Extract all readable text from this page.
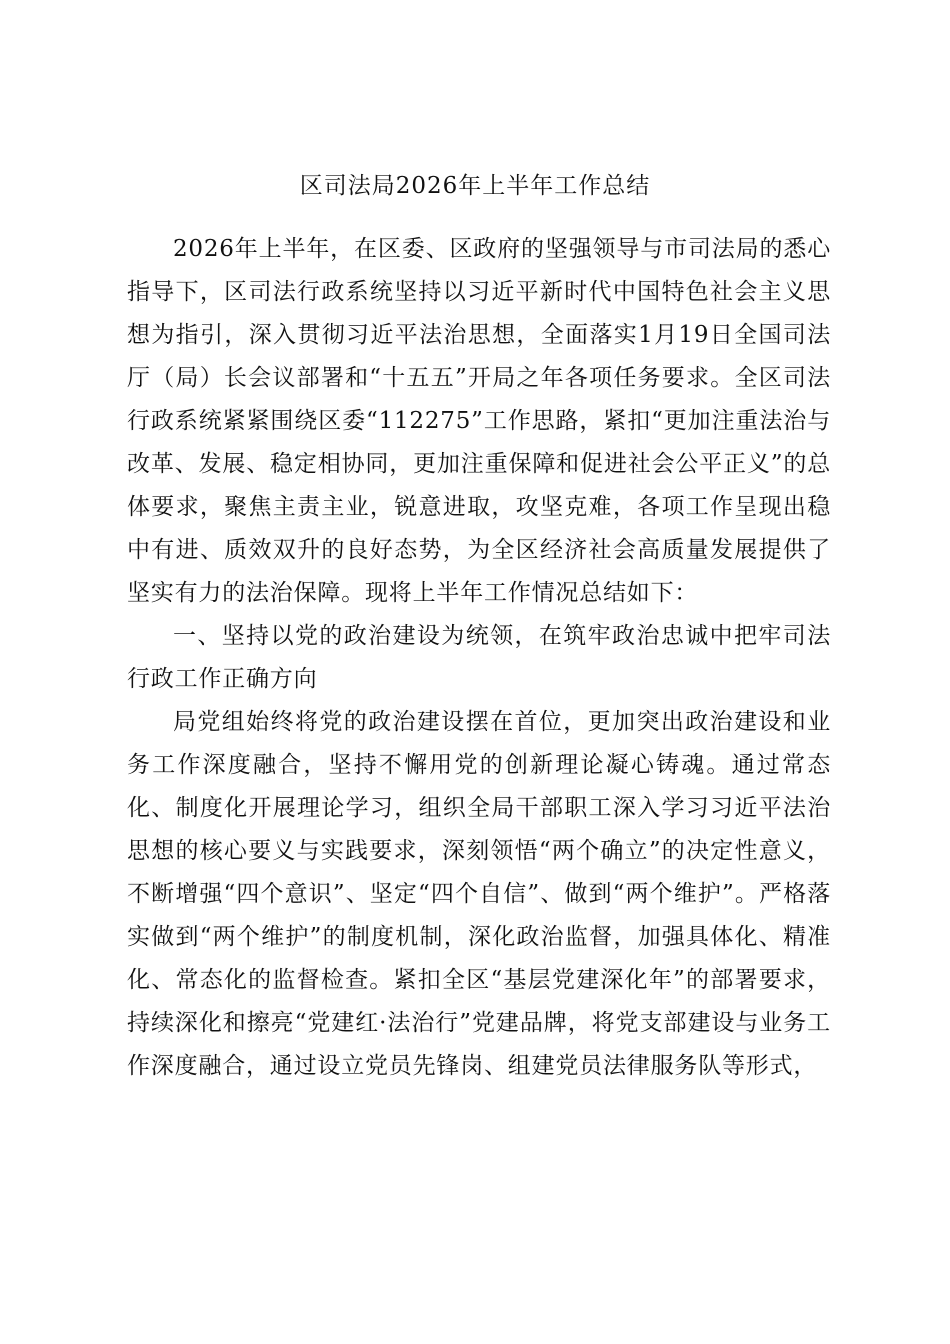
区司法局2026年上半年工作总结

2026年上半年，在区委、区政府的坚强领导与市司法局的悉心指导下，区司法行政系统坚持以习近平新时代中国特色社会主义思想为指引，深入贯彻习近平法治思想，全面落实1月19日全国司法厅（局）长会议部署和“十五五”开局之年各项任务要求。全区司法行政系统紧紧围绕区委“112275”工作思路，紧扣“更加注重法治与改革、发展、稳定相协同，更加注重保障和促进社会公平正义”的总体要求，聚焦主责主业，锐意进取，攻坚克难，各项工作呈现出稳中有进、质效双升的良好态势，为全区经济社会高质量发展提供了坚实有力的法治保障。现将上半年工作情况总结如下：

一、坚持以党的政治建设为统领，在筑牢政治忠诚中把牢司法行政工作正确方向

局党组始终将党的政治建设摆在首位，更加突出政治建设和业务工作深度融合，坚持不懈用党的创新理论凝心铸魂。通过常态化、制度化开展理论学习，组织全局干部职工深入学习习近平法治思想的核心要义与实践要求，深刻领悟“两个确立”的决定性意义，不断增强“四个意识”、坚定“四个自信”、做到“两个维护”。严格落实做到“两个维护”的制度机制，深化政治监督，加强具体化、精准化、常态化的监督检查。紧扣全区“基层党建深化年”的部署要求，持续深化和擦亮“党建红·法治行”党建品牌，将党支部建设与业务工作深度融合，通过设立党员先锋岗、组建党员法律服务队等形式，
